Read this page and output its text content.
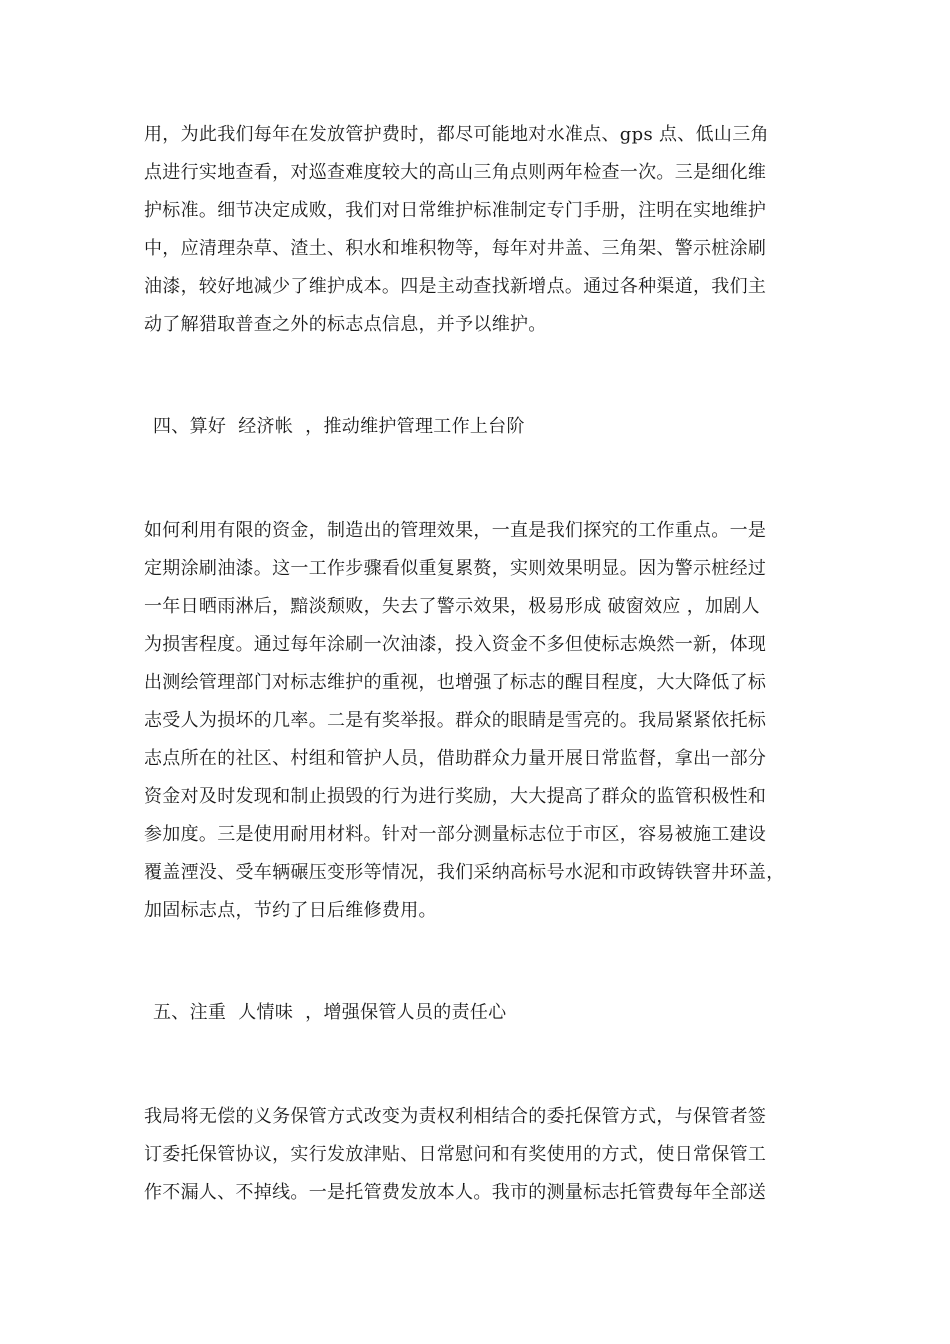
用，为此我们每年在发放管护费时，都尽可能地对水准点、gps 点、低山三角
点进行实地查看，对巡查难度较大的高山三角点则两年检查一次。三是细化维
护标准。细节决定成败，我们对日常维护标准制定专门手册，注明在实地维护
中，应清理杂草、渣土、积水和堆积物等，每年对井盖、三角架、警示桩涂刷
油漆，较好地减少了维护成本。四是主动查找新增点。通过各种渠道，我们主
动了解猎取普查之外的标志点信息，并予以维护。
四、算好  经济帐  ，推动维护管理工作上台阶
如何利用有限的资金，制造出的管理效果，一直是我们探究的工作重点。一是
定期涂刷油漆。这一工作步骤看似重复累赘，实则效果明显。因为警示桩经过
一年日晒雨淋后，黯淡颓败，失去了警示效果，极易形成 破窗效应 ，加剧人
为损害程度。通过每年涂刷一次油漆，投入资金不多但使标志焕然一新，体现
出测绘管理部门对标志维护的重视，也增强了标志的醒目程度，大大降低了标
志受人为损坏的几率。二是有奖举报。群众的眼睛是雪亮的。我局紧紧依托标
志点所在的社区、村组和管护人员，借助群众力量开展日常监督，拿出一部分
资金对及时发现和制止损毁的行为进行奖励，大大提高了群众的监管积极性和
参加度。三是使用耐用材料。针对一部分测量标志位于市区，容易被施工建设
覆盖湮没、受车辆碾压变形等情况，我们采纳高标号水泥和市政铸铁窨井环盖，
加固标志点，节约了日后维修费用。
五、注重  人情味  ，增强保管人员的责任心
我局将无偿的义务保管方式改变为责权利相结合的委托保管方式，与保管者签
订委托保管协议，实行发放津贴、日常慰问和有奖使用的方式，使日常保管工
作不漏人、不掉线。一是托管费发放本人。我市的测量标志托管费每年全部送
